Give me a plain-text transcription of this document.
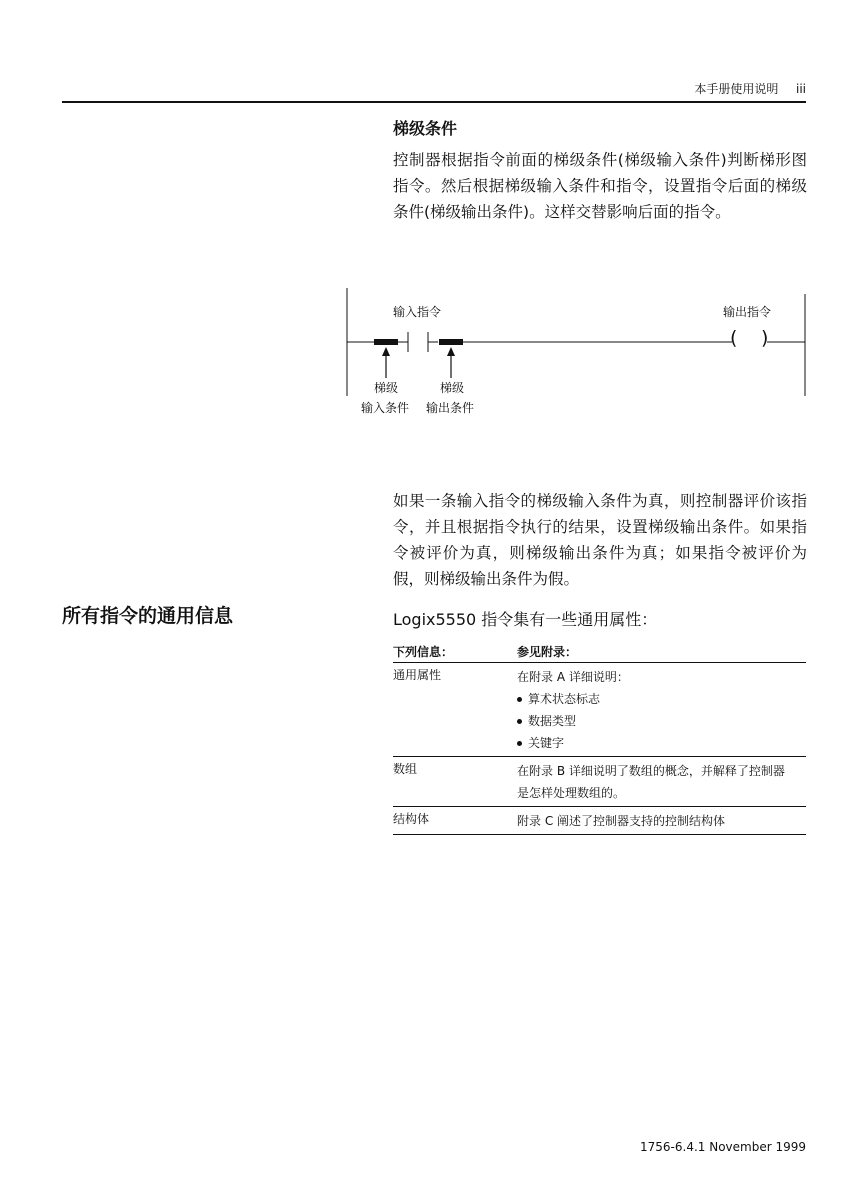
本手册使用说明 iii
梯级条件
控制器根据指令前面的梯级条件(梯级输入条件)判断梯形图指令。然后根据梯级输入条件和指令，设置指令后面的梯级条件(梯级输出条件)。这样交替影响后面的指令。
输入指令	输出指令
( )
梯级
输入条件
梯级
输出条件
如果一条输入指令的梯级输入条件为真，则控制器评价该指令，并且根据指令执行的结果，设置梯级输出条件。如果指令被评价为真，则梯级输出条件为真；如果指令被评价为假，则梯级输出条件为假。
所有指令的通用信息	Logix5550 指令集有一些通用属性：
下列信息：	参见附录：
通用属性	在附录 A 详细说明：
算术状态标志
数据类型
关键字
数组	在附录 B 详细说明了数组的概念，并解释了控制器
是怎样处理数组的。
结构体	附录 C 阐述了控制器支持的控制结构体
1756-6.4.1 November 1999
